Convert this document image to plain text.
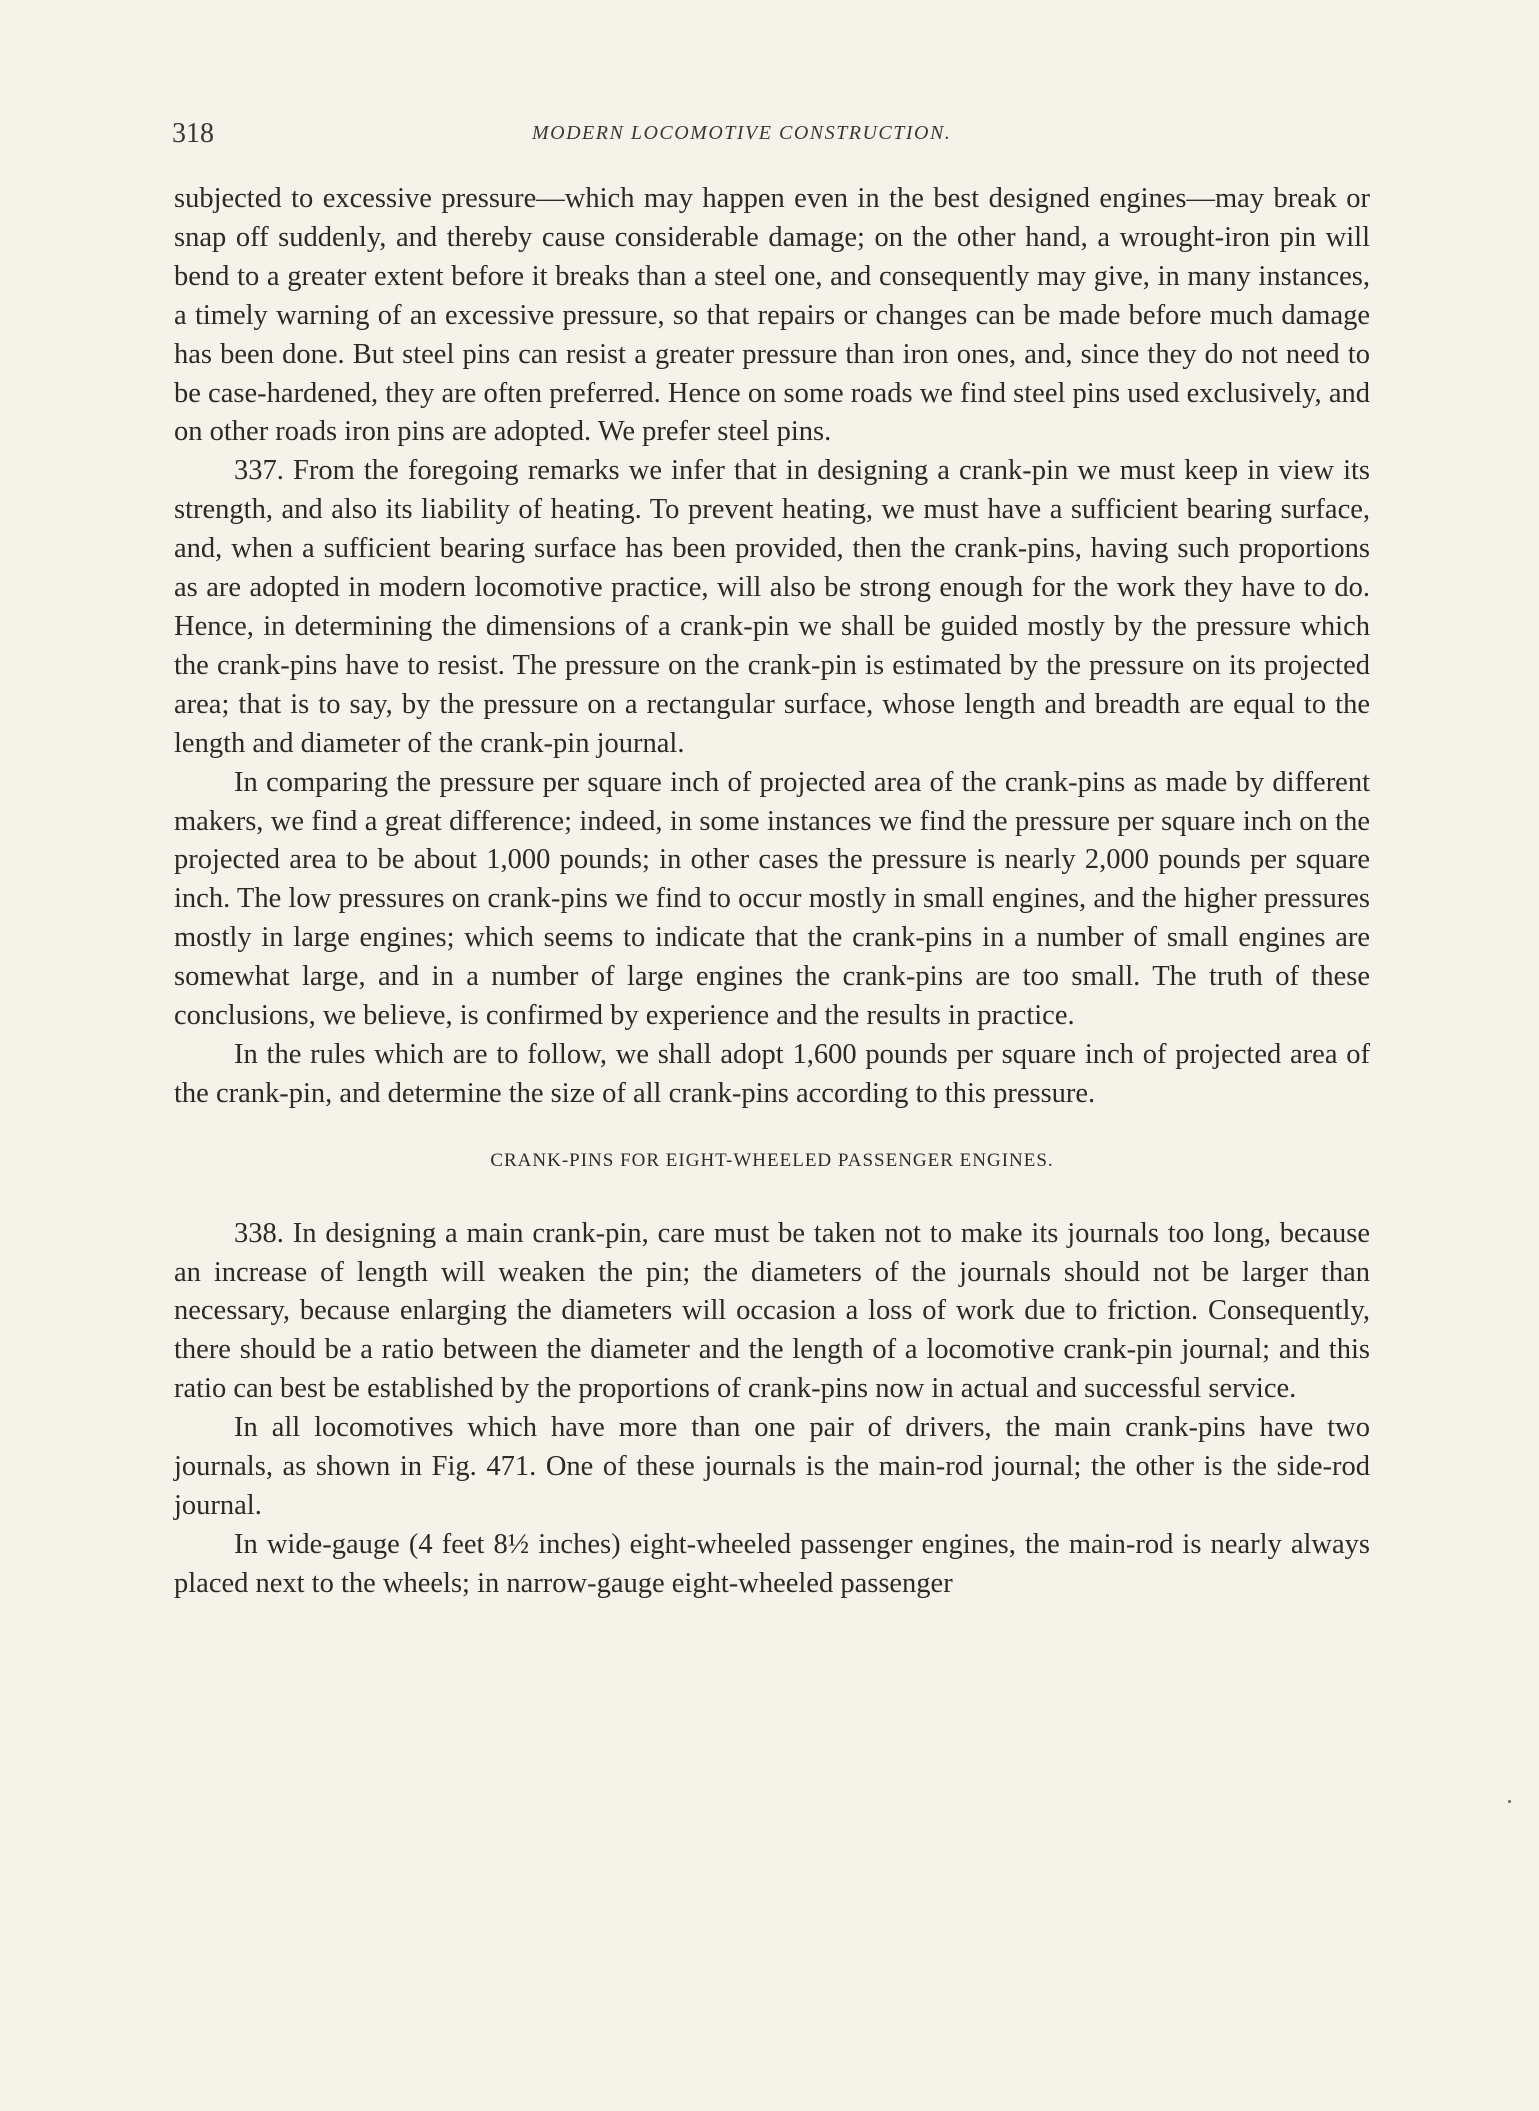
318	MODERN LOCOMOTIVE CONSTRUCTION.

subjected to excessive pressure—which may happen even in the best designed engines—may break or snap off suddenly, and thereby cause considerable damage; on the other hand, a wrought-iron pin will bend to a greater extent before it breaks than a steel one, and consequently may give, in many instances, a timely warning of an excessive pressure, so that repairs or changes can be made before much damage has been done. But steel pins can resist a greater pressure than iron ones, and, since they do not need to be case-hardened, they are often preferred. Hence on some roads we find steel pins used exclusively, and on other roads iron pins are adopted. We prefer steel pins.

337. From the foregoing remarks we infer that in designing a crank-pin we must keep in view its strength, and also its liability of heating. To prevent heating, we must have a sufficient bearing surface, and, when a sufficient bearing surface has been provided, then the crank-pins, having such proportions as are adopted in modern locomotive practice, will also be strong enough for the work they have to do. Hence, in determining the dimensions of a crank-pin we shall be guided mostly by the pressure which the crank-pins have to resist. The pressure on the crank-pin is estimated by the pressure on its projected area; that is to say, by the pressure on a rectangular surface, whose length and breadth are equal to the length and diameter of the crank-pin journal.

In comparing the pressure per square inch of projected area of the crank-pins as made by different makers, we find a great difference; indeed, in some instances we find the pressure per square inch on the projected area to be about 1,000 pounds; in other cases the pressure is nearly 2,000 pounds per square inch. The low pressures on crank-pins we find to occur mostly in small engines, and the higher pressures mostly in large engines; which seems to indicate that the crank-pins in a number of small engines are somewhat large, and in a number of large engines the crank-pins are too small. The truth of these conclusions, we believe, is confirmed by experience and the results in practice.

In the rules which are to follow, we shall adopt 1,600 pounds per square inch of projected area of the crank-pin, and determine the size of all crank-pins according to this pressure.

CRANK-PINS FOR EIGHT-WHEELED PASSENGER ENGINES.

338. In designing a main crank-pin, care must be taken not to make its journals too long, because an increase of length will weaken the pin; the diameters of the journals should not be larger than necessary, because enlarging the diameters will occasion a loss of work due to friction. Consequently, there should be a ratio between the diameter and the length of a locomotive crank-pin journal; and this ratio can best be established by the proportions of crank-pins now in actual and successful service.

In all locomotives which have more than one pair of drivers, the main crank-pins have two journals, as shown in Fig. 471. One of these journals is the main-rod journal; the other is the side-rod journal.

In wide-gauge (4 feet 8½ inches) eight-wheeled passenger engines, the main-rod is nearly always placed next to the wheels; in narrow-gauge eight-wheeled passenger
